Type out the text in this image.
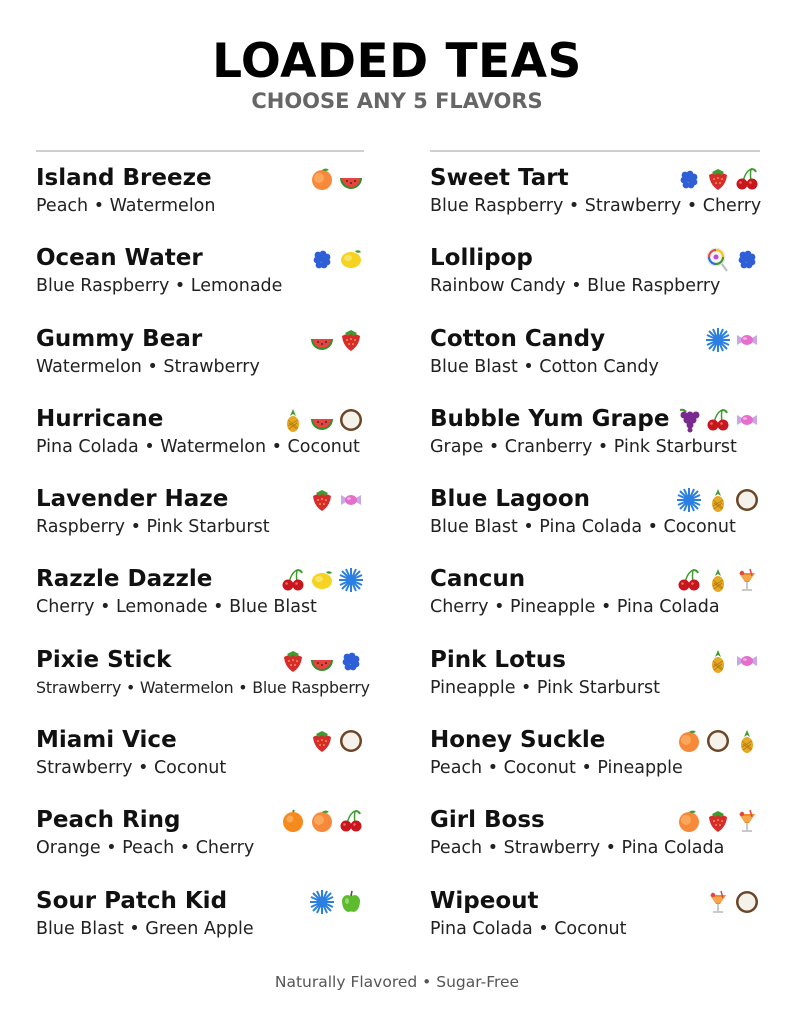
LOADED TEAS
CHOOSE ANY 5 FLAVORS
Island Breeze
Peach • Watermelon
Ocean Water
Blue Raspberry • Lemonade
Gummy Bear
Watermelon • Strawberry
Hurricane
Pina Colada • Watermelon • Coconut
Lavender Haze
Raspberry • Pink Starburst
Razzle Dazzle
Cherry • Lemonade • Blue Blast
Pixie Stick
Strawberry • Watermelon • Blue Raspberry
Miami Vice
Strawberry • Coconut
Peach Ring
Orange • Peach • Cherry
Sour Patch Kid
Blue Blast • Green Apple
Sweet Tart
Blue Raspberry • Strawberry • Cherry
Lollipop
Rainbow Candy • Blue Raspberry
Cotton Candy
Blue Blast • Cotton Candy
Bubble Yum Grape
Grape • Cranberry • Pink Starburst
Blue Lagoon
Blue Blast • Pina Colada • Coconut
Cancun
Cherry • Pineapple • Pina Colada
Pink Lotus
Pineapple • Pink Starburst
Honey Suckle
Peach • Coconut • Pineapple
Girl Boss
Peach • Strawberry • Pina Colada
Wipeout
Pina Colada • Coconut
Naturally Flavored • Sugar-Free
